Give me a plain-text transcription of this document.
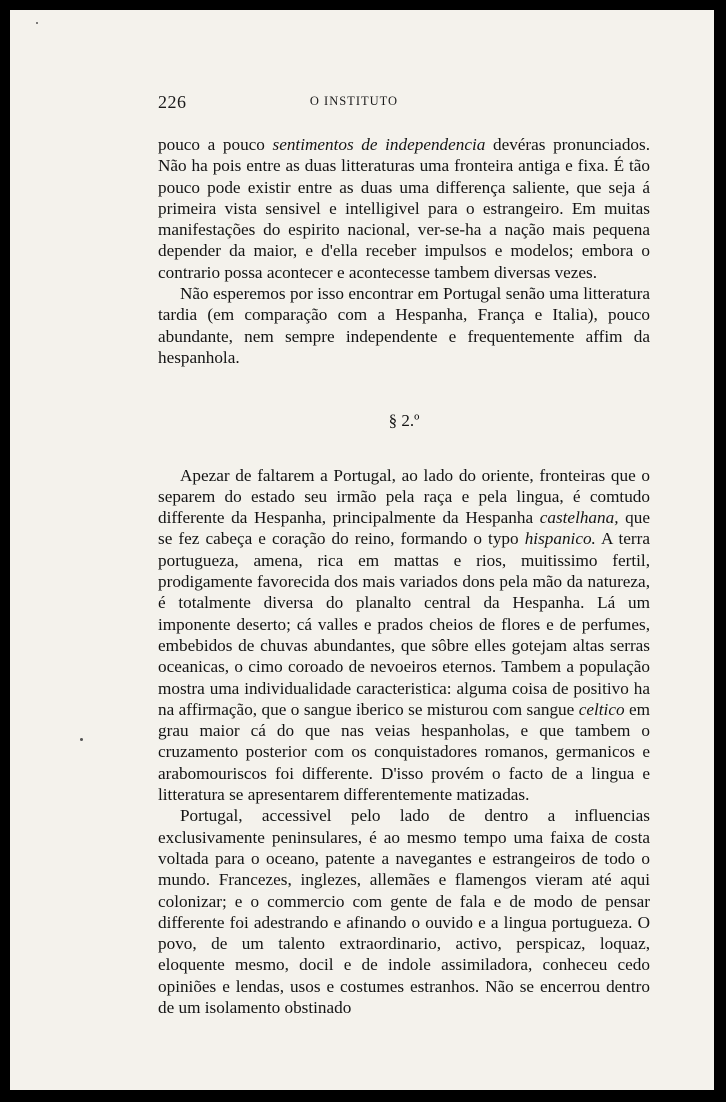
226	O INSTITUTO

pouco a pouco sentimentos de independencia devéras pronunciados. Não ha pois entre as duas litteraturas uma fronteira antiga e fixa. É tão pouco pode existir entre as duas uma differença saliente, que seja á primeira vista sensivel e intelligivel para o estrangeiro. Em muitas manifestações do espirito nacional, ver-se-ha a nação mais pequena depender da maior, e d'ella receber impulsos e modelos; embora o contrario possa acontecer e acontecesse tambem diversas vezes.

Não esperemos por isso encontrar em Portugal senão uma litteratura tardia (em comparação com a Hespanha, França e Italia), pouco abundante, nem sempre independente e frequentemente affim da hespanhola.

§ 2.º

Apezar de faltarem a Portugal, ao lado do oriente, fronteiras que o separem do estado seu irmão pela raça e pela lingua, é comtudo differente da Hespanha, principalmente da Hespanha castelhana, que se fez cabeça e coração do reino, formando o typo hispanico. A terra portugueza, amena, rica em mattas e rios, muitissimo fertil, prodigamente favorecida dos mais variados dons pela mão da natureza, é totalmente diversa do planalto central da Hespanha. Lá um imponente deserto; cá valles e prados cheios de flores e de perfumes, embebidos de chuvas abundantes, que sôbre elles gotejam altas serras oceanicas, o cimo coroado de nevoeiros eternos. Tambem a população mostra uma individualidade caracteristica: alguma coisa de positivo ha na affirmação, que o sangue iberico se misturou com sangue celtico em grau maior cá do que nas veias hespanholas, e que tambem o cruzamento posterior com os conquistadores romanos, germanicos e arabomouriscos foi differente. D'isso provém o facto de a lingua e litteratura se apresentarem differentemente matizadas.

Portugal, accessivel pelo lado de dentro a influencias exclusivamente peninsulares, é ao mesmo tempo uma faixa de costa voltada para o oceano, patente a navegantes e estrangeiros de todo o mundo. Francezes, inglezes, allemães e flamengos vieram até aqui colonizar; e o commercio com gente de fala e de modo de pensar differente foi adestrando e afinando o ouvido e a lingua portugueza. O povo, de um talento extraordinario, activo, perspicaz, loquaz, eloquente mesmo, docil e de indole assimiladora, conheceu cedo opiniões e lendas, usos e costumes estranhos. Não se encerrou dentro de um isolamento obstinado
